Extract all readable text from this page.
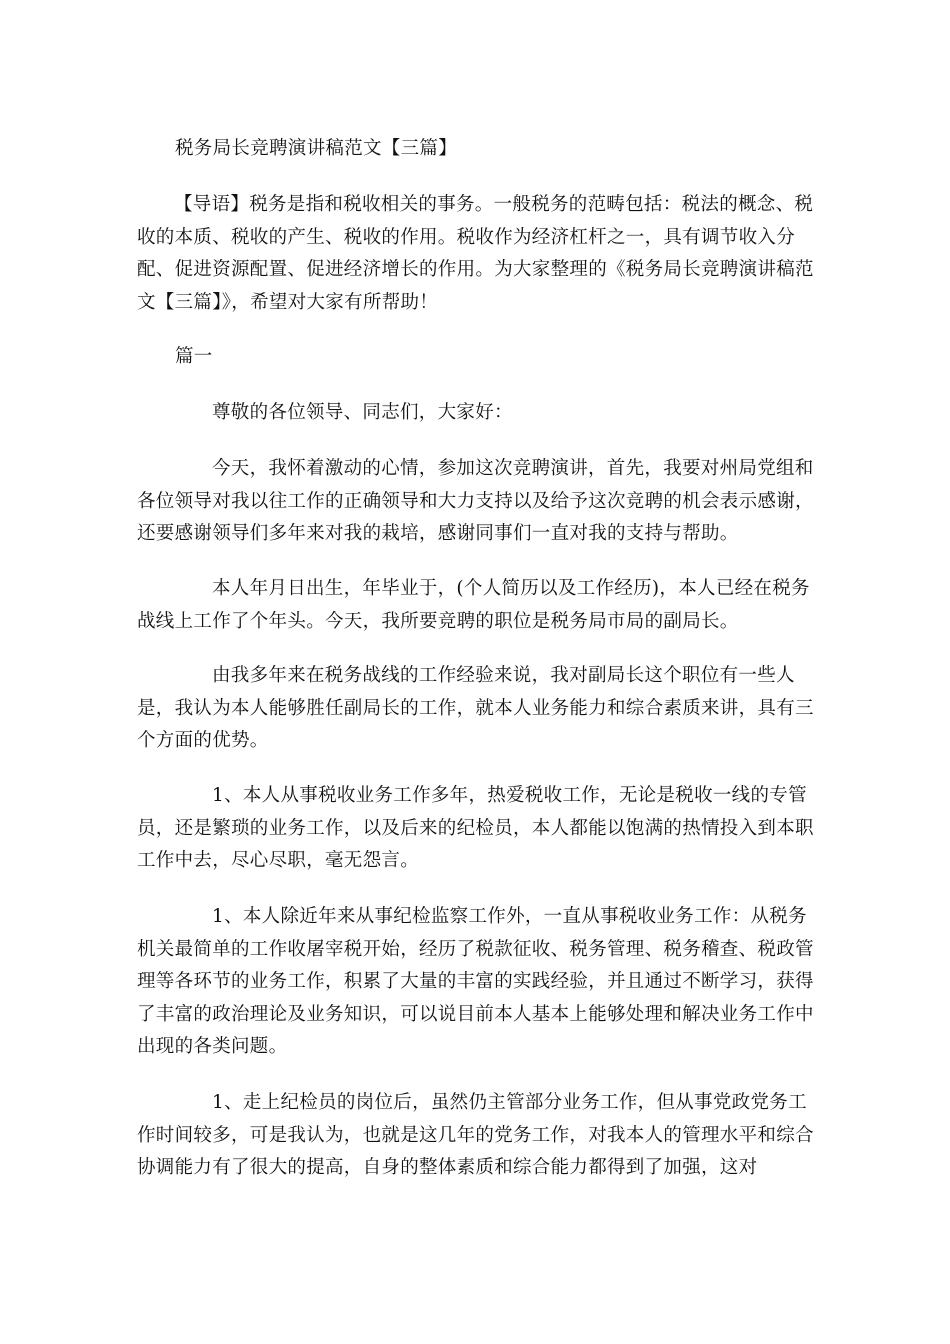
税务局长竞聘演讲稿范文【三篇】

【导语】税务是指和税收相关的事务。一般税务的范畴包括：税法的概念、税收的本质、税收的产生、税收的作用。税收作为经济杠杆之一，具有调节收入分配、促进资源配置、促进经济增长的作用。为大家整理的《税务局长竞聘演讲稿范文【三篇】》，希望对大家有所帮助！

篇一

尊敬的各位领导、同志们，大家好：

今天，我怀着激动的心情，参加这次竞聘演讲，首先，我要对州局党组和各位领导对我以往工作的正确领导和大力支持以及给予这次竞聘的机会表示感谢，还要感谢领导们多年来对我的栽培，感谢同事们一直对我的支持与帮助。

本人年月日出生，年毕业于，(个人简历以及工作经历)，本人已经在税务战线上工作了个年头。今天，我所要竞聘的职位是税务局市局的副局长。

由我多年来在税务战线的工作经验来说，我对副局长这个职位有一些人是，我认为本人能够胜任副局长的工作，就本人业务能力和综合素质来讲，具有三个方面的优势。

1、本人从事税收业务工作多年，热爱税收工作，无论是税收一线的专管员，还是繁琐的业务工作，以及后来的纪检员，本人都能以饱满的热情投入到本职工作中去，尽心尽职，毫无怨言。

1、本人除近年来从事纪检监察工作外，一直从事税收业务工作：从税务机关最简单的工作收屠宰税开始，经历了税款征收、税务管理、税务稽查、税政管理等各环节的业务工作，积累了大量的丰富的实践经验，并且通过不断学习，获得了丰富的政治理论及业务知识，可以说目前本人基本上能够处理和解决业务工作中出现的各类问题。

1、走上纪检员的岗位后，虽然仍主管部分业务工作，但从事党政党务工作时间较多，可是我认为，也就是这几年的党务工作，对我本人的管理水平和综合协调能力有了很大的提高，自身的整体素质和综合能力都得到了加强，这对
